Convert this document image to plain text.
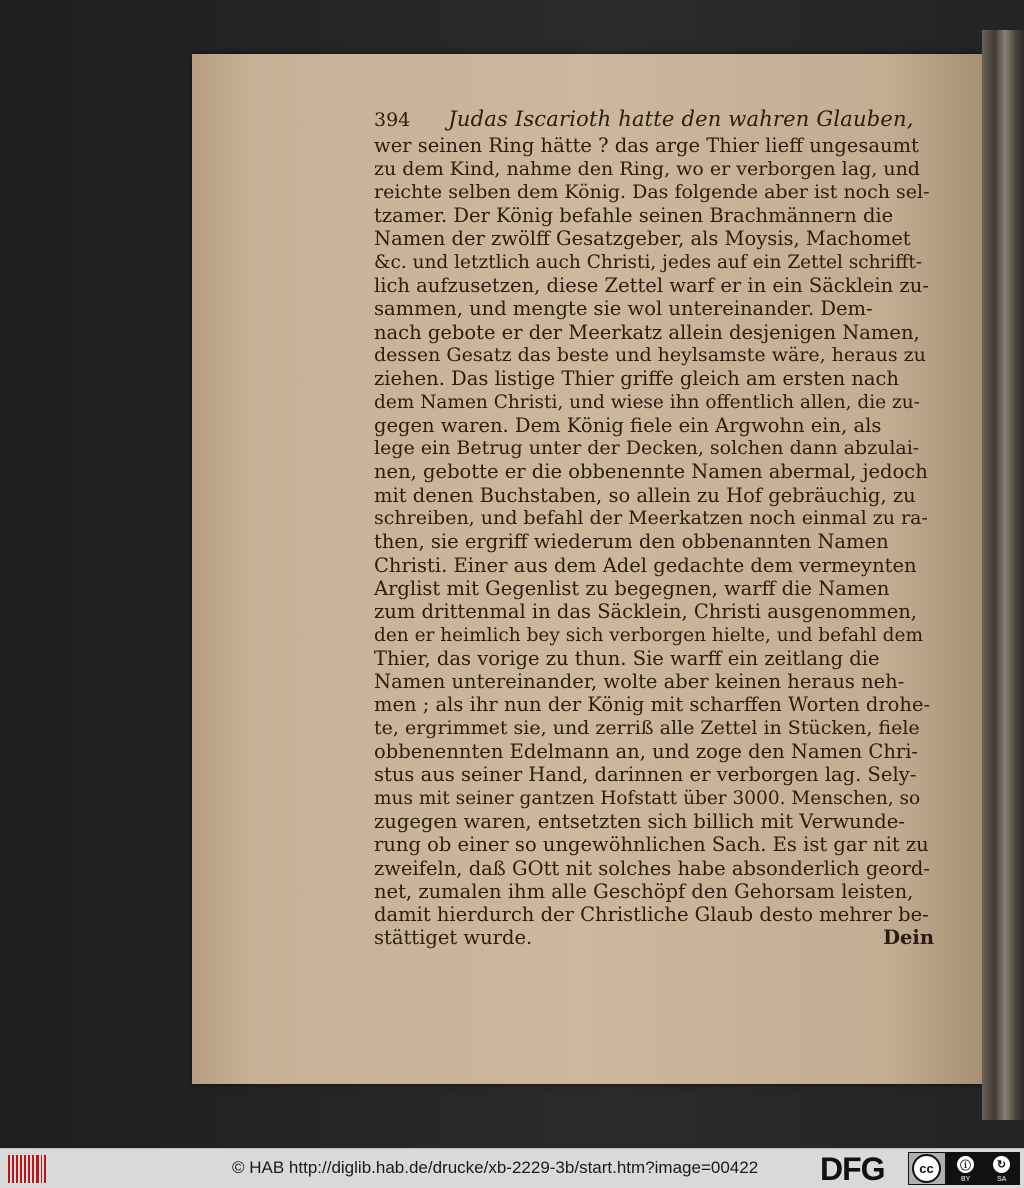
394 Judas Iscarioth hatte den wahren Glauben,
wer seinen Ring hätte ? das arge Thier lieff ungesaumt
zu dem Kind, nahme den Ring, wo er verborgen lag, und
reichte selben dem König. Das folgende aber ist noch sel-
tzamer. Der König befahle seinen Brachmännern die
Namen der zwölff Gesatzgeber, als Moysis, Machomet
&c. und letztlich auch Christi, jedes auf ein Zettel schrifft-
lich aufzusetzen, diese Zettel warf er in ein Säcklein zu-
sammen, und mengte sie wol untereinander. Dem-
nach gebote er der Meerkatz allein desjenigen Namen,
dessen Gesatz das beste und heylsamste wäre, heraus zu
ziehen. Das listige Thier griffe gleich am ersten nach
dem Namen Christi, und wiese ihn offentlich allen, die zu-
gegen waren. Dem König fiele ein Argwohn ein, als
lege ein Betrug unter der Decken, solchen dann abzulai-
nen, gebotte er die obbenennte Namen abermal, jedoch
mit denen Buchstaben, so allein zu Hof gebräuchig, zu
schreiben, und befahl der Meerkatzen noch einmal zu ra-
then, sie ergriff wiederum den obbenannten Namen
Christi. Einer aus dem Adel gedachte dem vermeynten
Arglist mit Gegenlist zu begegnen, warff die Namen
zum drittenmal in das Säcklein, Christi ausgenommen,
den er heimlich bey sich verborgen hielte, und befahl dem
Thier, das vorige zu thun. Sie warff ein zeitlang die
Namen untereinander, wolte aber keinen heraus neh-
men ; als ihr nun der König mit scharffen Worten drohe-
te, ergrimmet sie, und zerriß alle Zettel in Stücken, fiele
obbenennten Edelmann an, und zoge den Namen Chri-
stus aus seiner Hand, darinnen er verborgen lag. Sely-
mus mit seiner gantzen Hofstatt über 3000. Menschen, so
zugegen waren, entsetzten sich billich mit Verwunde-
rung ob einer so ungewöhnlichen Sach. Es ist gar nit zu
zweifeln, daß GOtt nit solches habe absonderlich geord-
net, zumalen ihm alle Geschöpf den Gehorsam leisten,
damit hierdurch der Christliche Glaub desto mehrer be-
stättiget wurde.	Dein
© HAB http://diglib.hab.de/drucke/xb-2229-3b/start.htm?image=00422 DFG	cc	ⓘ	↻
BY	SA
